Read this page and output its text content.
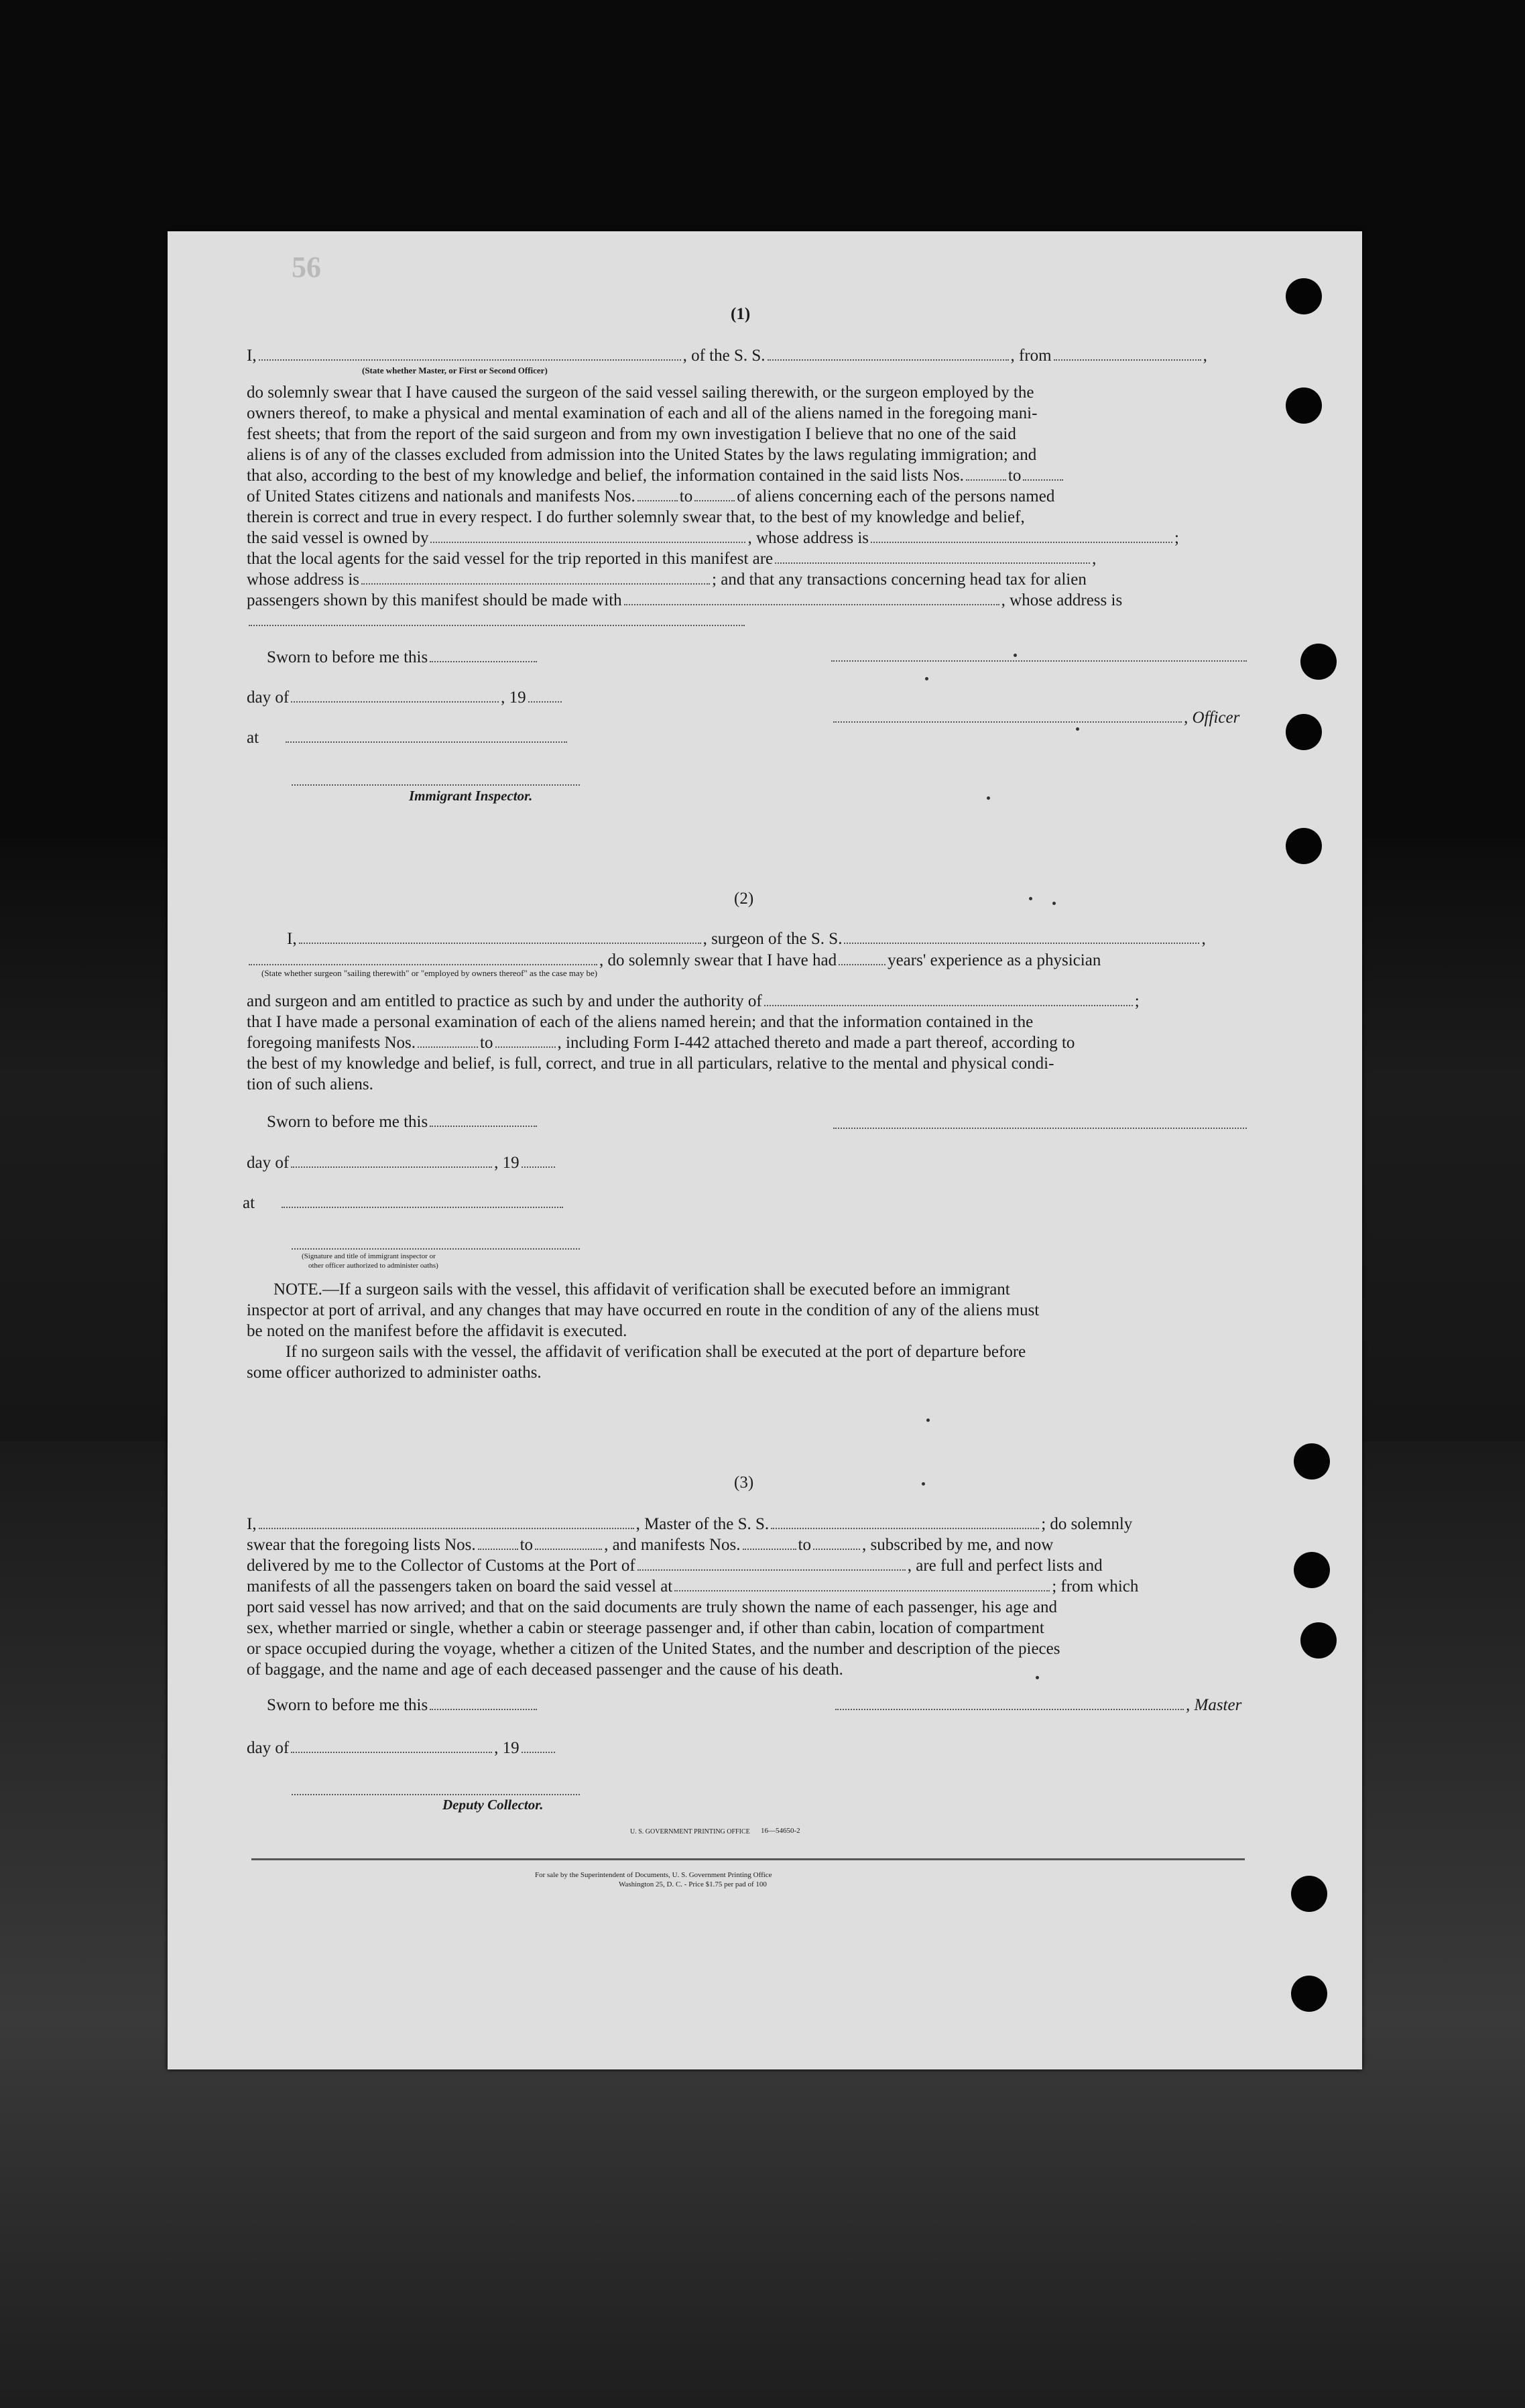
56
(1)
I,	, of the S. S.	, from	,
(State whether Master, or First or Second Officer)
do solemnly swear that I have caused the surgeon of the said vessel sailing therewith, or the surgeon employed by the
owners thereof, to make a physical and mental examination of each and all of the aliens named in the foregoing mani-
fest sheets; that from the report of the said surgeon and from my own investigation I believe that no one of the said
aliens is of any of the classes excluded from admission into the United States by the laws regulating immigration; and
that also, according to the best of my knowledge and belief, the information contained in the said lists Nos.	to
of United States citizens and nationals and manifests Nos.	to	of aliens concerning each of the persons named
therein is correct and true in every respect. I do further solemnly swear that, to the best of my knowledge and belief,
the said vessel is owned by	, whose address is	;
that the local agents for the said vessel for the trip reported in this manifest are	,
whose address is	; and that any transactions concerning head tax for alien
passengers shown by this manifest should be made with	, whose address is
Sworn to before me this
day of	, 19
, Officer
at
Immigrant Inspector.
(2)
I,	, surgeon of the S. S.	,
, do solemnly swear that I have had	years' experience as a physician
(State whether surgeon "sailing therewith" or "employed by owners thereof" as the case may be)
and surgeon and am entitled to practice as such by and under the authority of	;
that I have made a personal examination of each of the aliens named herein; and that the information contained in the
foregoing manifests Nos.	to	, including Form I-442 attached thereto and made a part thereof, according to
the best of my knowledge and belief, is full, correct, and true in all particulars, relative to the mental and physical condi-
tion of such aliens.
Sworn to before me this
day of	, 19
at
(Signature and title of immigrant inspector or
other officer authorized to administer oaths)
NOTE.—If a surgeon sails with the vessel, this affidavit of verification shall be executed before an immigrant
inspector at port of arrival, and any changes that may have occurred en route in the condition of any of the aliens must
be noted on the manifest before the affidavit is executed.
If no surgeon sails with the vessel, the affidavit of verification shall be executed at the port of departure before
some officer authorized to administer oaths.
(3)
I,	, Master of the S. S.	; do solemnly
swear that the foregoing lists Nos.	to	, and manifests Nos.	to	, subscribed by me, and now
delivered by me to the Collector of Customs at the Port of	, are full and perfect lists and
manifests of all the passengers taken on board the said vessel at	; from which
port said vessel has now arrived; and that on the said documents are truly shown the name of each passenger, his age and
sex, whether married or single, whether a cabin or steerage passenger and, if other than cabin, location of compartment
or space occupied during the voyage, whether a citizen of the United States, and the number and description of the pieces
of baggage, and the name and age of each deceased passenger and the cause of his death.
Sworn to before me this	, Master
day of	, 19
Deputy Collector.
U. S. GOVERNMENT PRINTING OFFICE 16—54650-2
For sale by the Superintendent of Documents, U. S. Government Printing Office
Washington 25, D. C. - Price $1.75 per pad of 100
